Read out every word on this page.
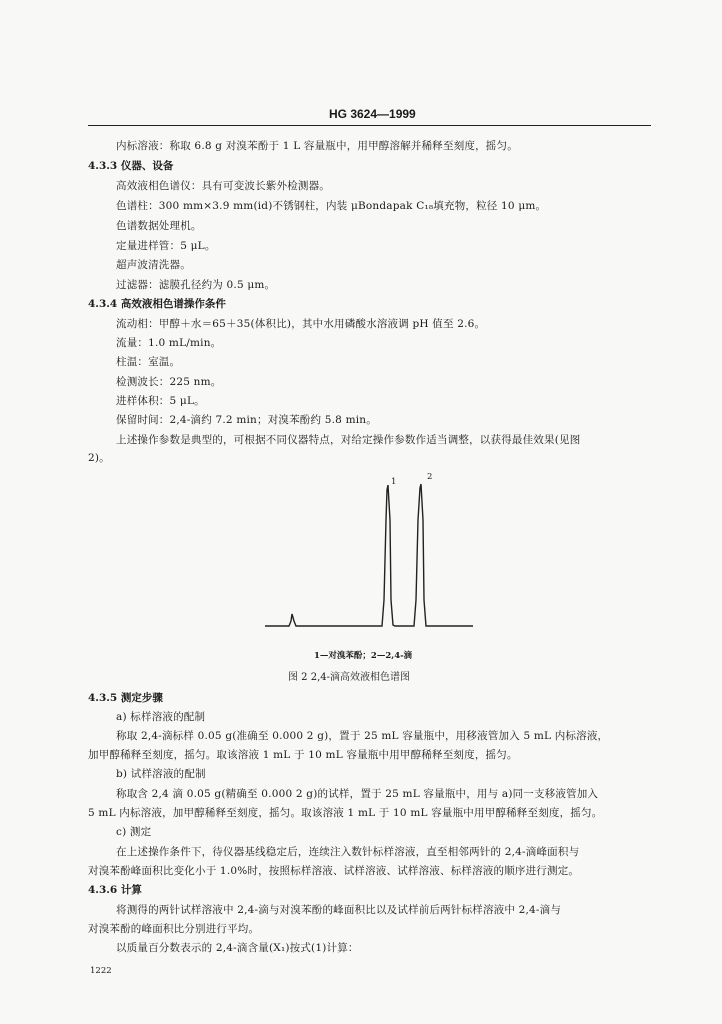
HG 3624—1999
内标溶液：称取 6.8 g 对溴苯酚于 1 L 容量瓶中，用甲醇溶解并稀释至刻度，摇匀。
4.3.3 仪器、设备
高效液相色谱仪：具有可变波长紫外检测器。
色谱柱：300 mm×3.9 mm(id)不锈钢柱，内装 μBondapak C₁₈填充物，粒径 10 μm。
色谱数据处理机。
定量进样管：5 μL。
超声波清洗器。
过滤器：滤膜孔径约为 0.5 μm。
4.3.4 高效液相色谱操作条件
流动相：甲醇＋水＝65＋35(体积比)，其中水用磷酸水溶液调 pH 值至 2.6。
流量：1.0 mL/min。
柱温：室温。
检测波长：225 nm。
进样体积：5 μL。
保留时间：2,4-滴约 7.2 min；对溴苯酚约 5.8 min。
上述操作参数是典型的，可根据不同仪器特点，对给定操作参数作适当调整，以获得最佳效果(见图
2)。
1	2
1—对溴苯酚；2—2,4-滴
图 2 2,4-滴高效液相色谱图
4.3.5 测定步骤
a) 标样溶液的配制
称取 2,4-滴标样 0.05 g(准确至 0.000 2 g)，置于 25 mL 容量瓶中，用移液管加入 5 mL 内标溶液，
加甲醇稀释至刻度，摇匀。取该溶液 1 mL 于 10 mL 容量瓶中用甲醇稀释至刻度，摇匀。
b) 试样溶液的配制
称取含 2,4 滴 0.05 g(精确至 0.000 2 g)的试样，置于 25 mL 容量瓶中，用与 a)同一支移液管加入
5 mL 内标溶液，加甲醇稀释至刻度，摇匀。取该溶液 1 mL 于 10 mL 容量瓶中用甲醇稀释至刻度，摇匀。
c) 测定
在上述操作条件下，待仪器基线稳定后，连续注入数针标样溶液，直至相邻两针的 2,4-滴峰面积与
对溴苯酚峰面积比变化小于 1.0%时，按照标样溶液、试样溶液、试样溶液、标样溶液的顺序进行测定。
4.3.6 计算
将测得的两针试样溶液中 2,4-滴与对溴苯酚的峰面积比以及试样前后两针标样溶液中 2,4-滴与
对溴苯酚的峰面积比分别进行平均。
以质量百分数表示的 2,4-滴含量(X₁)按式(1)计算：
1222
